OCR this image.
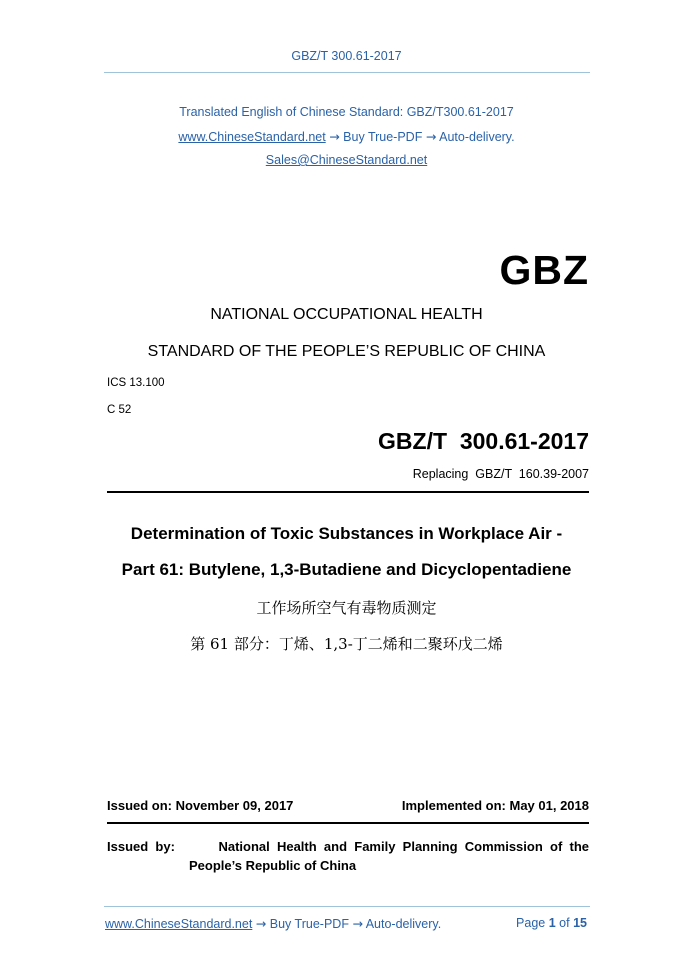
GBZ/T 300.61-2017
Translated English of Chinese Standard: GBZ/T300.61-2017
www.ChineseStandard.net → Buy True-PDF → Auto-delivery.
Sales@ChineseStandard.net
GBZ
NATIONAL OCCUPATIONAL HEALTH
STANDARD OF THE PEOPLE’S REPUBLIC OF CHINA
ICS 13.100
C 52
GBZ/T  300.61-2017
Replacing  GBZ/T  160.39-2007
Determination of Toxic Substances in Workplace Air -
Part 61: Butylene, 1,3-Butadiene and Dicyclopentadiene
工作场所空气有毒物质测定
第 61 部分：丁烯、1,3-丁二烯和二聚环戊二烯
Issued on: November 09, 2017	Implemented on: May 01, 2018
Issued  by:	National  Health  and  Family  Planning  Commission  of  the
People’s Republic of China
www.ChineseStandard.net → Buy True-PDF → Auto-delivery.	Page 1 of 15
